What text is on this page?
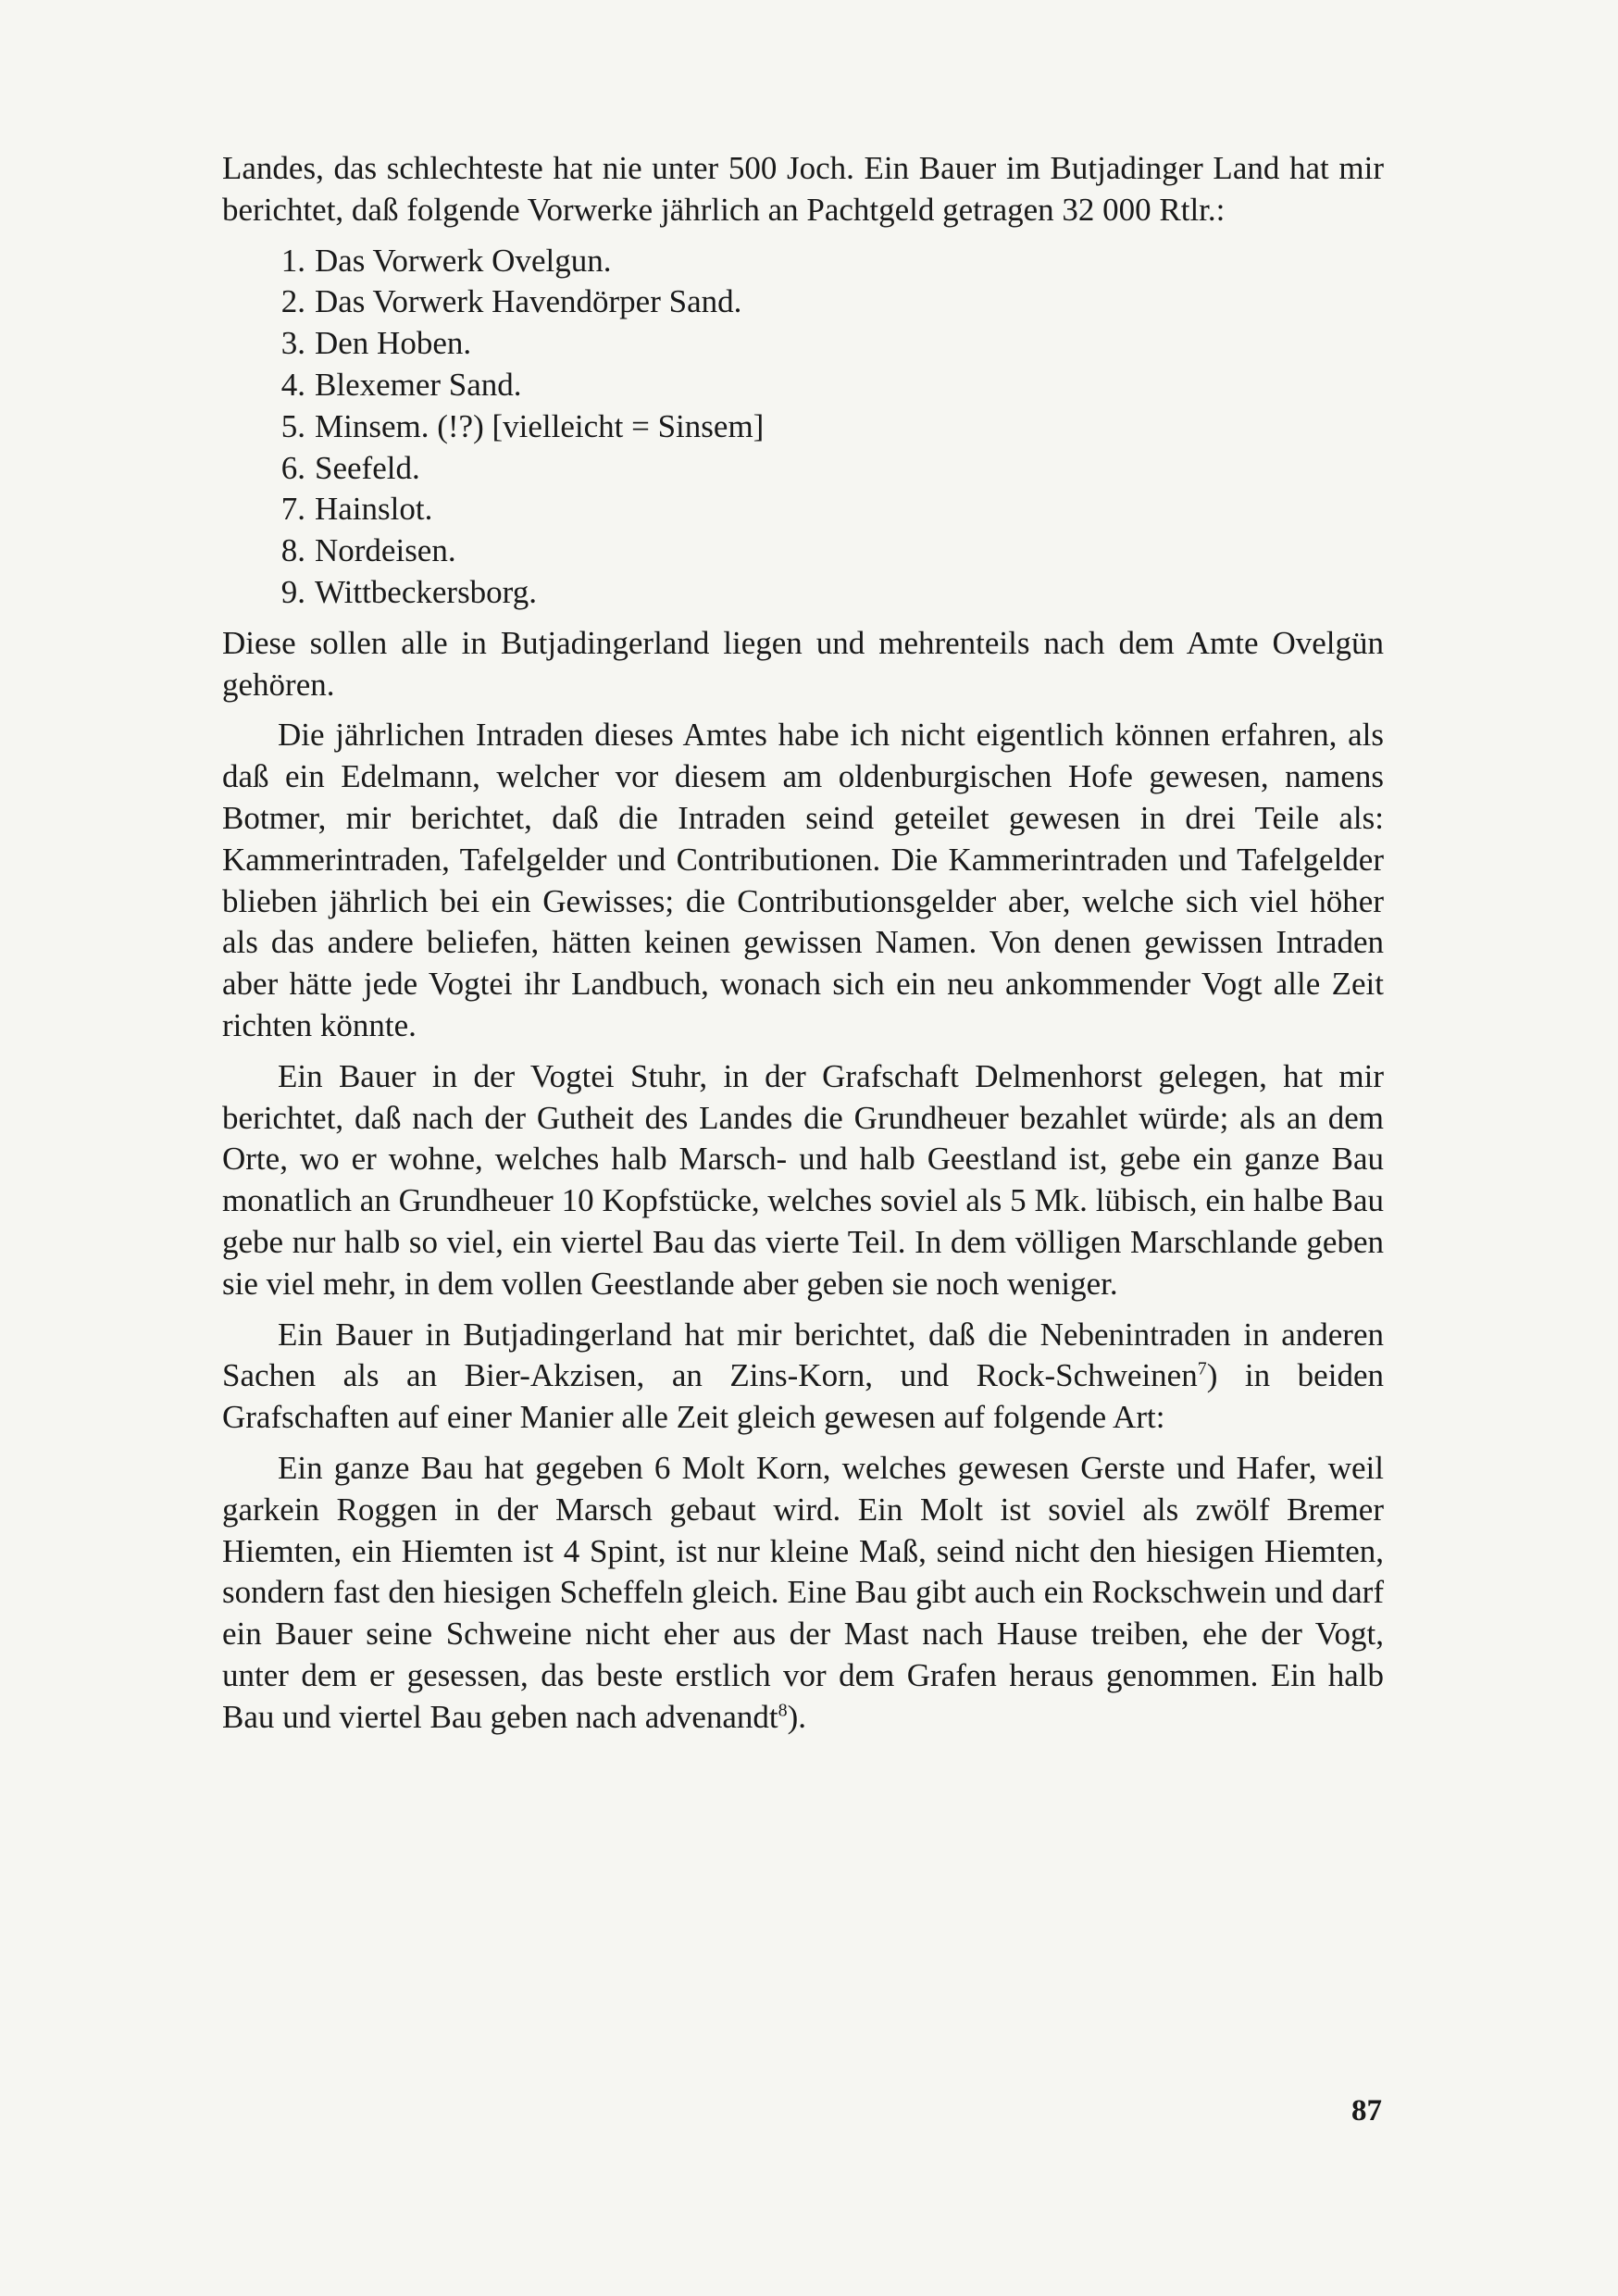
Landes, das schlechteste hat nie unter 500 Joch. Ein Bauer im Butjadinger Land hat mir berichtet, daß folgende Vorwerke jährlich an Pachtgeld getragen 32 000 Rtlr.:

1. Das Vorwerk Ovelgun.
2. Das Vorwerk Havendörper Sand.
3. Den Hoben.
4. Blexemer Sand.
5. Minsem. (!?) [vielleicht = Sinsem]
6. Seefeld.
7. Hainslot.
8. Nordeisen.
9. Wittbeckersborg.

Diese sollen alle in Butjadingerland liegen und mehrenteils nach dem Amte Ovelgün gehören.

Die jährlichen Intraden dieses Amtes habe ich nicht eigentlich können erfahren, als daß ein Edelmann, welcher vor diesem am oldenburgischen Hofe gewesen, namens Botmer, mir berichtet, daß die Intraden seind geteilet gewesen in drei Teile als: Kammerintraden, Tafelgelder und Contributionen. Die Kammerintraden und Tafelgelder blieben jährlich bei ein Gewisses; die Contributionsgelder aber, welche sich viel höher als das andere beliefen, hätten keinen gewissen Namen. Von denen gewissen Intraden aber hätte jede Vogtei ihr Landbuch, wonach sich ein neu ankommender Vogt alle Zeit richten könnte.

Ein Bauer in der Vogtei Stuhr, in der Grafschaft Delmenhorst gelegen, hat mir berichtet, daß nach der Gutheit des Landes die Grundheuer bezahlet würde; als an dem Orte, wo er wohne, welches halb Marsch- und halb Geestland ist, gebe ein ganze Bau monatlich an Grundheuer 10 Kopfstücke, welches soviel als 5 Mk. lübisch, ein halbe Bau gebe nur halb so viel, ein viertel Bau das vierte Teil. In dem völligen Marschlande geben sie viel mehr, in dem vollen Geestlande aber geben sie noch weniger.

Ein Bauer in Butjadingerland hat mir berichtet, daß die Nebenintraden in anderen Sachen als an Bier-Akzisen, an Zins-Korn, und Rock-Schweinen$^7$) in beiden Grafschaften auf einer Manier alle Zeit gleich gewesen auf folgende Art:

Ein ganze Bau hat gegeben 6 Molt Korn, welches gewesen Gerste und Hafer, weil garkein Roggen in der Marsch gebaut wird. Ein Molt ist soviel als zwölf Bremer Hiemten, ein Hiemten ist 4 Spint, ist nur kleine Maß, seind nicht den hiesigen Hiemten, sondern fast den hiesigen Scheffeln gleich. Eine Bau gibt auch ein Rockschwein und darf ein Bauer seine Schweine nicht eher aus der Mast nach Hause treiben, ehe der Vogt, unter dem er gesessen, das beste erstlich vor dem Grafen heraus genommen. Ein halb Bau und viertel Bau geben nach advenandt$^8$).

87
